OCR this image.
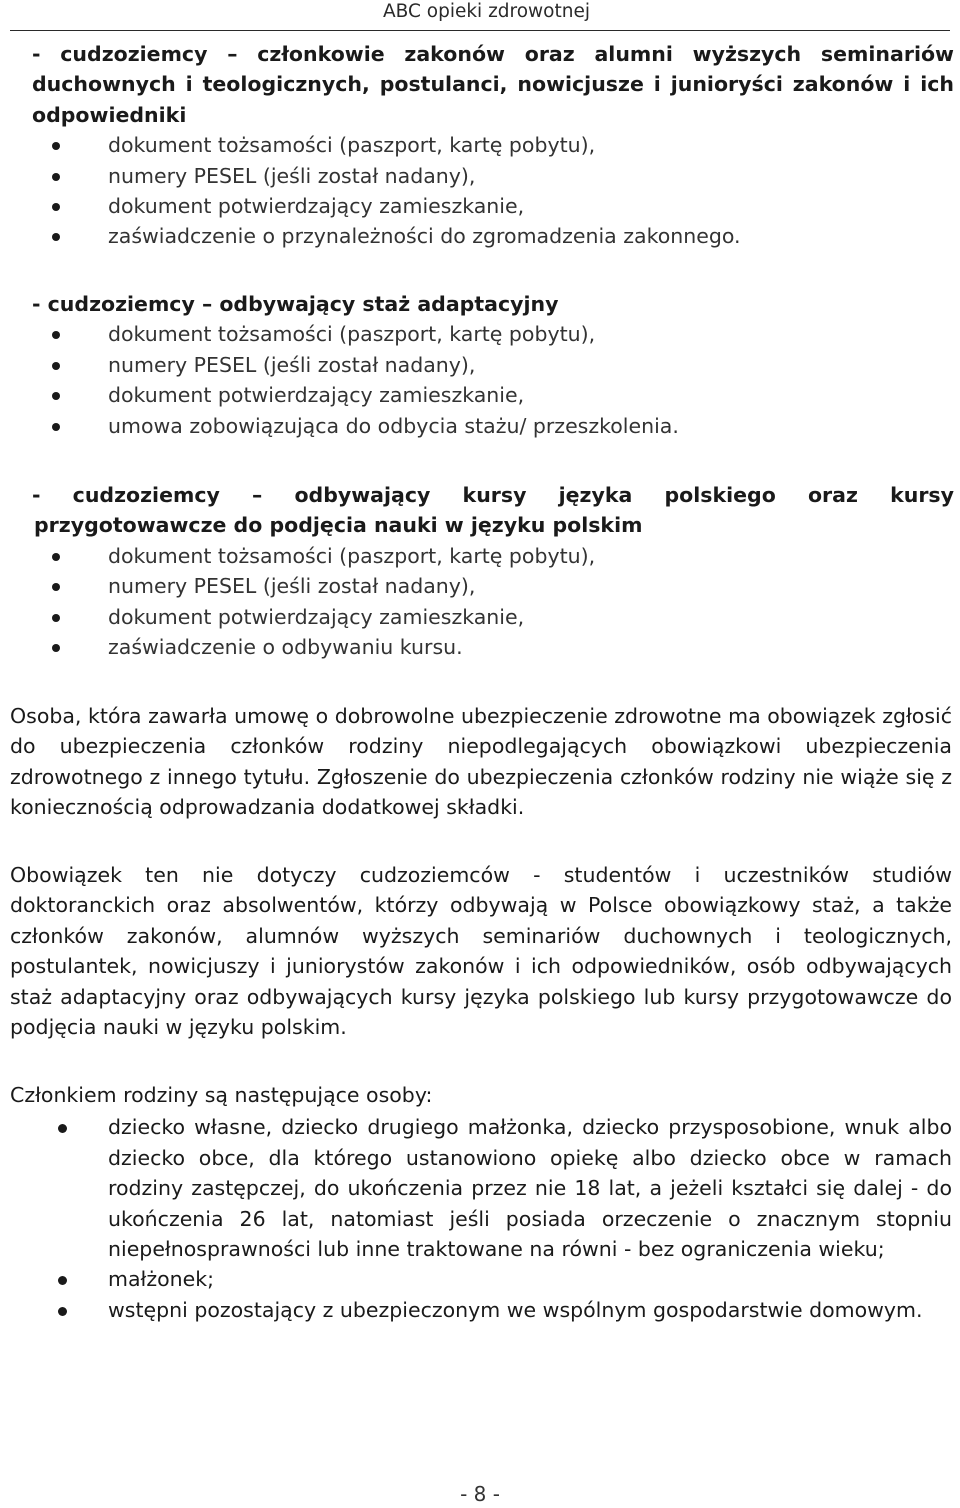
ABC opieki zdrowotnej

- cudzoziemcy – członkowie zakonów oraz alumni wyższych seminariów duchownych i teologicznych, postulanci, nowicjusze i junioryści zakonów i ich odpowiedniki

dokument tożsamości (paszport, kartę pobytu),
numery PESEL (jeśli został nadany),
dokument potwierdzający zamieszkanie,
zaświadczenie o przynależności do zgromadzenia zakonnego.

- cudzoziemcy – odbywający staż adaptacyjny

dokument tożsamości (paszport, kartę pobytu),
numery PESEL (jeśli został nadany),
dokument potwierdzający zamieszkanie,
umowa zobowiązująca do odbycia stażu/ przeszkolenia.

- cudzoziemcy – odbywający kursy języka polskiego oraz kursy

przygotowawcze do podjęcia nauki w języku polskim

dokument tożsamości (paszport, kartę pobytu),
numery PESEL (jeśli został nadany),
dokument potwierdzający zamieszkanie,
zaświadczenie o odbywaniu kursu.

Osoba, która zawarła umowę o dobrowolne ubezpieczenie zdrowotne ma obowiązek zgłosić do ubezpieczenia członków rodziny niepodlegających obowiązkowi ubezpieczenia zdrowotnego z innego tytułu. Zgłoszenie do ubezpieczenia członków rodziny nie wiąże się z koniecznością odprowadzania dodatkowej składki.

Obowiązek ten nie dotyczy cudzoziemców - studentów i uczestników studiów doktoranckich oraz absolwentów, którzy odbywają w Polsce obowiązkowy staż, a także członków zakonów, alumnów wyższych seminariów duchownych i teologicznych, postulantek, nowicjuszy i juniorystów zakonów i ich odpowiedników, osób odbywających staż adaptacyjny oraz odbywających kursy języka polskiego lub kursy przygotowawcze do podjęcia nauki w języku polskim.

Członkiem rodziny są następujące osoby:

dziecko własne, dziecko drugiego małżonka, dziecko przysposobione, wnuk albo dziecko obce, dla którego ustanowiono opiekę albo dziecko obce w ramach rodziny zastępczej, do ukończenia przez nie 18 lat, a jeżeli kształci się dalej - do ukończenia 26 lat, natomiast jeśli posiada orzeczenie o znacznym stopniu niepełnosprawności lub inne traktowane na równi - bez ograniczenia wieku;
małżonek;
wstępni pozostający z ubezpieczonym we wspólnym gospodarstwie domowym.
- 8 -
